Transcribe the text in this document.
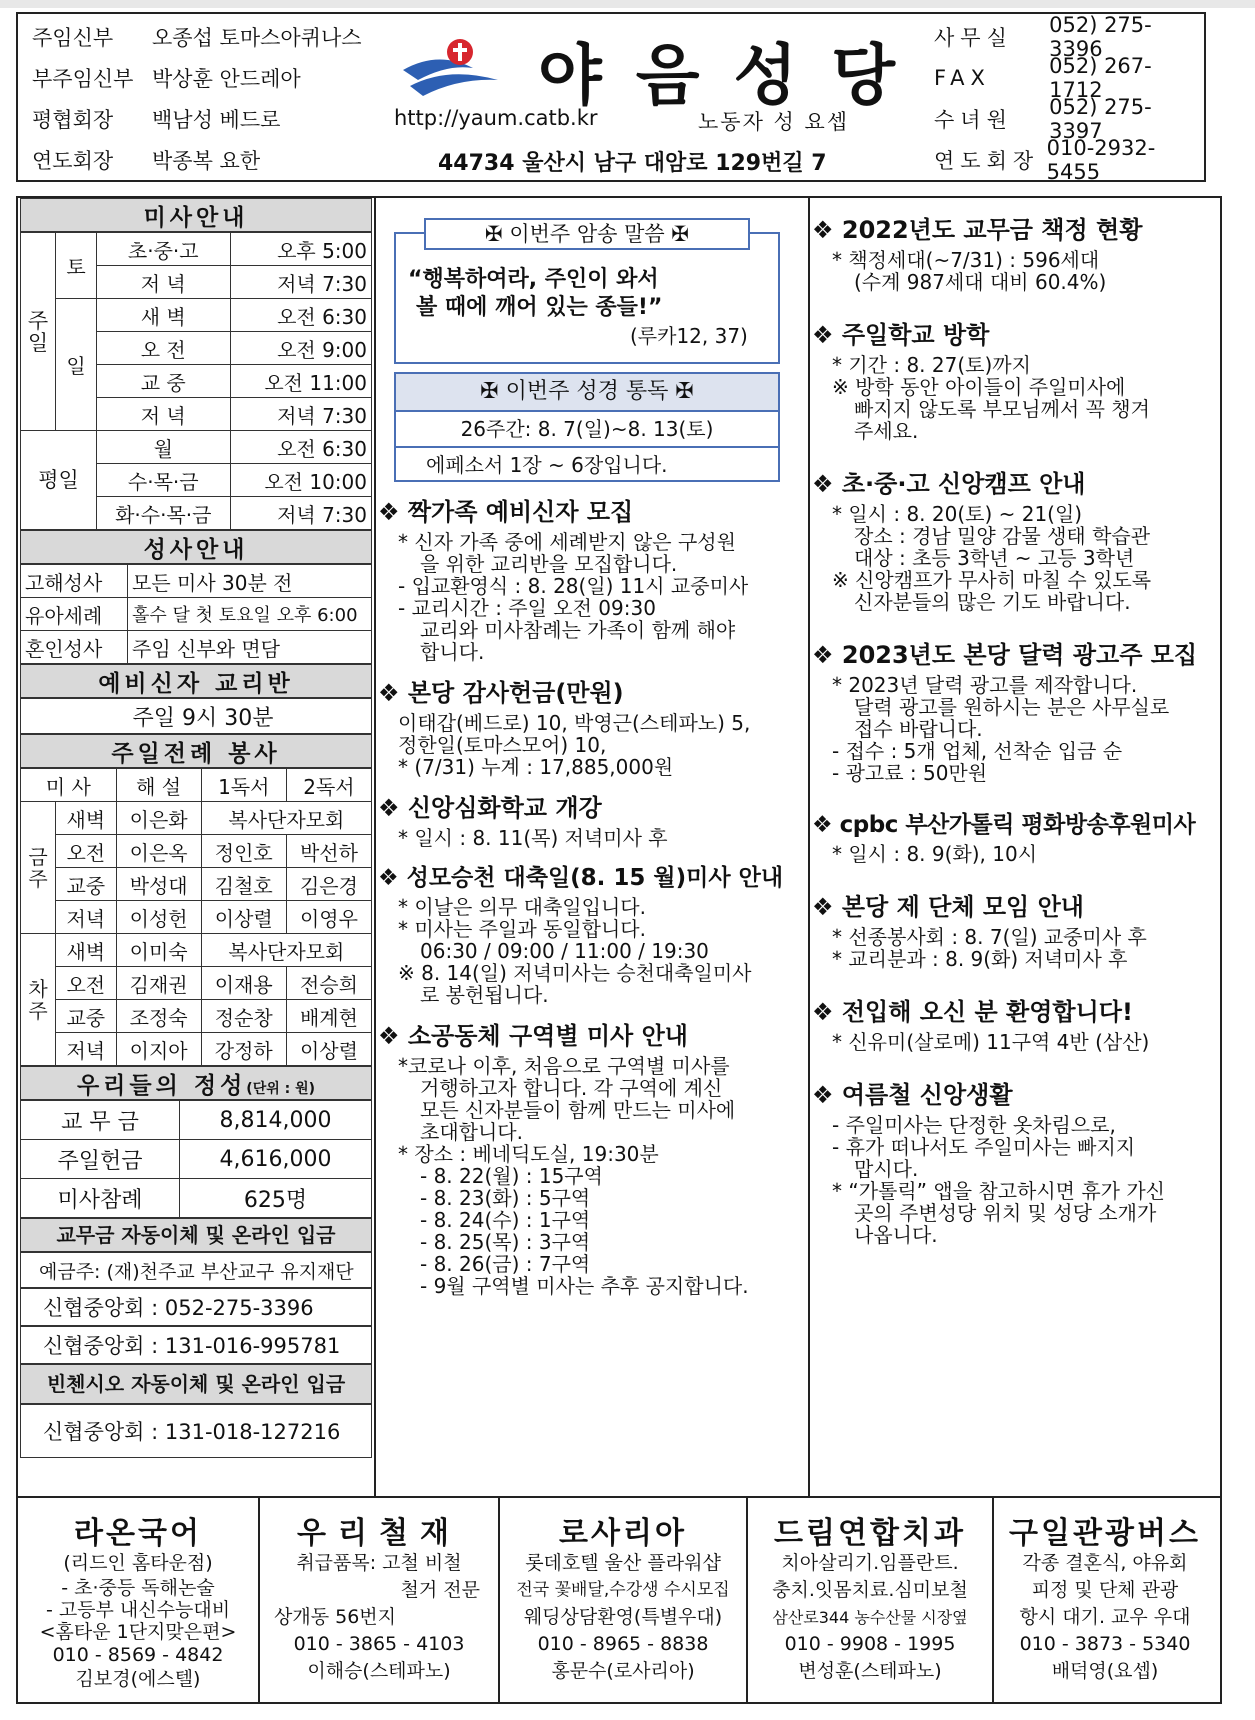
주임신부	오종섭 토마스아퀴나스
부주임신부 박상훈 안드레아
평협회장	백남성 베드로
연도회장	박종복 요한
야음성당
http://yaum.catb.kr	노동자 성 요셉
44734 울산시 남구 대암로 129번길 7
사무실
052) 275-3396
FAX	052) 267-1712
수녀원
052) 275-3397
연도회장
010-2932-5455
미사안내
주일	토	초·중·고	오후 5:00
		저 녁	저녁 7:30
	일	새 벽	오전 6:30
		오 전	오전 9:00
		교 중	오전 11:00
		저 녁	저녁 7:30
평일		월	오전 6:30
		수·목·금	오전 10:00
		화·수·목·금	저녁 7:30
성사안내
고해성사	모든 미사 30분 전
유아세례	홀수 달 첫 토요일 오후 6:00
혼인성사	주임 신부와 면담
예비신자 교리반
주일 9시 30분
주일전례 봉사
미 사		해 설	1독서	2독서
금주	새벽	이은화	복사단자모회	
	오전	이은옥	정인호	박선하
	교중	박성대	김철호	김은경
	저녁	이성헌	이상렬	이영우
차주	새벽	이미숙	복사단자모회	
	오전	김재권	이재용	전승희
	교중	조정숙	정순창	배계현
	저녁	이지아	강정하	이상렬
우리들의 정성(단위 : 원)
교 무 금	8,814,000
주일헌금	4,616,000
미사참례	625명
교무금 자동이체 및 온라인 입금
예금주: (재)천주교 부산교구 유지재단
신협중앙회 : 052-275-3396
신협중앙회 : 131-016-995781
빈첸시오 자동이체 및 온라인 입금
신협중앙회 : 131-018-127216
✠ 이번주 암송 말씀 ✠
“행복하여라, 주인이 와서
볼 때에 깨어 있는 종들!”
(루카12, 37)
✠ 이번주 성경 통독 ✠
26주간: 8. 7(일)~8. 13(토)
에페소서 1장 ~ 6장입니다.
❖ 짝가족 예비신자 모집
* 신자 가족 중에 세례받지 않은 구성원
을 위한 교리반을 모집합니다.
- 입교환영식 : 8. 28(일) 11시 교중미사
- 교리시간 : 주일 오전 09:30
교리와 미사참례는 가족이 함께 해야
합니다.
❖ 본당 감사헌금(만원)
이태갑(베드로) 10, 박영근(스테파노) 5,
정한일(토마스모어) 10,
* (7/31) 누계 : 17,885,000원
❖ 신앙심화학교 개강
* 일시 : 8. 11(목) 저녁미사 후
❖ 성모승천 대축일(8. 15 월)미사 안내
* 이날은 의무 대축일입니다.
* 미사는 주일과 동일합니다.
06:30 / 09:00 / 11:00 / 19:30
※ 8. 14(일) 저녁미사는 승천대축일미사
로 봉헌됩니다.
❖ 소공동체 구역별 미사 안내
*코로나 이후, 처음으로 구역별 미사를
거행하고자 합니다. 각 구역에 계신
모든 신자분들이 함께 만드는 미사에
초대합니다.
* 장소 : 베네딕도실, 19:30분
- 8. 22(월) : 15구역
- 8. 23(화) : 5구역
- 8. 24(수) : 1구역
- 8. 25(목) : 3구역
- 8. 26(금) : 7구역
- 9월 구역별 미사는 추후 공지합니다.
❖ 2022년도 교무금 책정 현황
* 책정세대(~7/31) : 596세대
(수계 987세대 대비 60.4%)
❖ 주일학교 방학
* 기간 : 8. 27(토)까지
※ 방학 동안 아이들이 주일미사에
빠지지 않도록 부모님께서 꼭 챙겨
주세요.
❖ 초·중·고 신앙캠프 안내
* 일시 : 8. 20(토) ~ 21(일)
장소 : 경남 밀양 감물 생태 학습관
대상 : 초등 3학년 ~ 고등 3학년
※ 신앙캠프가 무사히 마칠 수 있도록
신자분들의 많은 기도 바랍니다.
❖ 2023년도 본당 달력 광고주 모집
* 2023년 달력 광고를 제작합니다.
달력 광고를 원하시는 분은 사무실로
접수 바랍니다.
- 접수 : 5개 업체, 선착순 입금 순
- 광고료 : 50만원
❖ cpbc 부산가톨릭 평화방송후원미사
* 일시 : 8. 9(화), 10시
❖ 본당 제 단체 모임 안내
* 선종봉사회 : 8. 7(일) 교중미사 후
* 교리분과 : 8. 9(화) 저녁미사 후
❖ 전입해 오신 분 환영합니다!
* 신유미(살로메) 11구역 4반 (삼산)
❖ 여름철 신앙생활
- 주일미사는 단정한 옷차림으로,
- 휴가 떠나서도 주일미사는 빠지지
맙시다.
* “가톨릭” 앱을 참고하시면 휴가 가신
곳의 주변성당 위치 및 성당 소개가
나옵니다.
라온국어
(리드인 홈타운점)
- 초·중등 독해논술
- 고등부 내신수능대비
<홈타운 1단지맞은편>
010 - 8569 - 4842
김보경(에스텔)
우리철재
취급품목: 고철 비철
철거 전문
상개동 56번지
010 - 3865 - 4103
이해승(스테파노)
로사리아
롯데호텔 울산 플라워샵
전국 꽃배달,수강생 수시모집
웨딩상담환영(특별우대)
010 - 8965 - 8838
홍문수(로사리아)
드림연합치과
치아살리기.임플란트.
충치.잇몸치료.심미보철
삼산로344 농수산물 시장옆
010 - 9908 - 1995
변성훈(스테파노)
구일관광버스
각종 결혼식, 야유회
피정 및 단체 관광
항시 대기. 교우 우대
010 - 3873 - 5340
배덕영(요셉)
